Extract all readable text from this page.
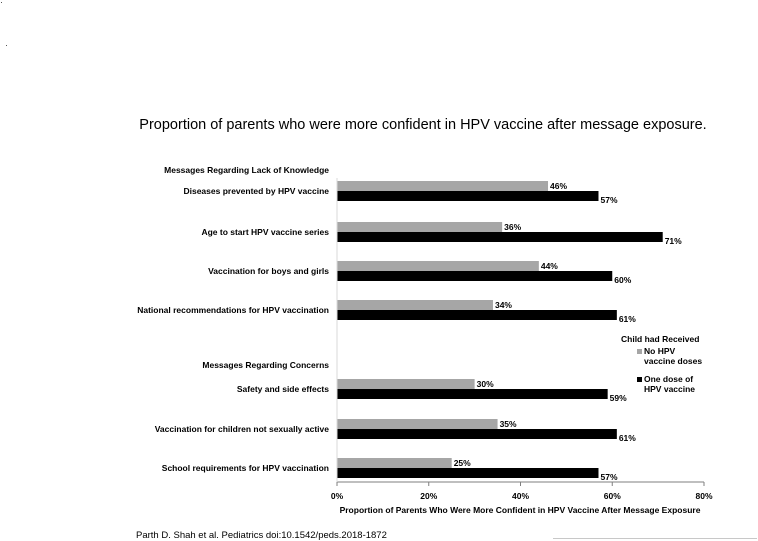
Proportion of parents who were more confident in HPV vaccine after message exposure.
Messages Regarding Lack of Knowledge
Messages Regarding Concerns
Diseases prevented by HPV vaccine	46%
57%
Age to start HPV vaccine series	36%
71%
Vaccination for boys and girls	44%
60%
National recommendations for HPV vaccination	34%
61%
Safety and side effects	30%
59%
Vaccination for children not sexually active	35%
61%
School requirements for HPV vaccination	25%
57%
0%	20%	40%	60%	80%
Proportion of Parents Who Were More Confident in HPV Vaccine After Message Exposure
Child had Received
No HPV vaccine doses
One dose of HPV vaccine
Parth D. Shah et al. Pediatrics doi:10.1542/peds.2018-1872
